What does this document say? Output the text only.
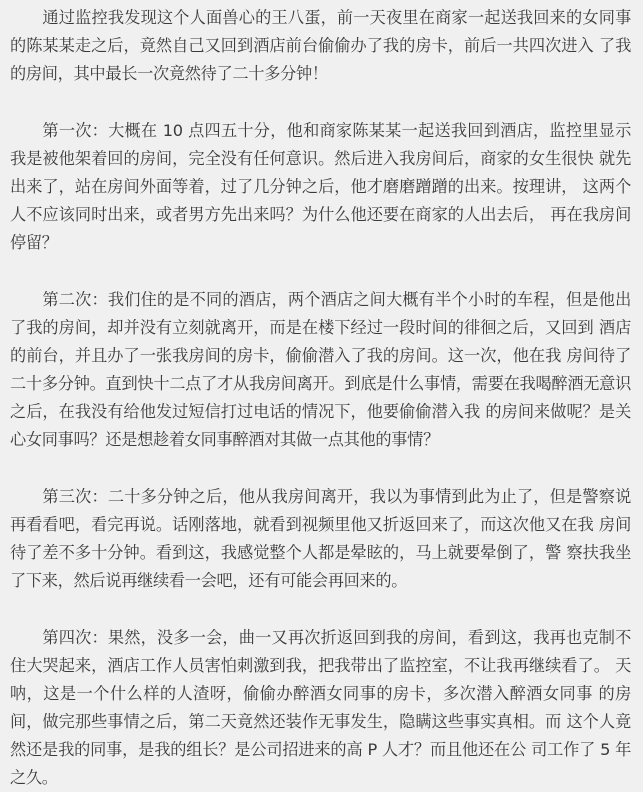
通过监控我发现这个人面兽心的王八蛋，前一天夜里在商家一起送我回来的女同事 的陈某某走之后，竟然自己又回到酒店前台偷偷办了我的房卡，前后一共四次进入 了我的房间，其中最长一次竟然待了二十多分钟！

第一次：大概在 10 点四五十分，他和商家陈某某一起送我回到酒店，监控里显示 我是被他架着回的房间，完全没有任何意识。然后进入我房间后，商家的女生很快 就先出来了，站在房间外面等着，过了几分钟之后，他才磨磨蹭蹭的出来。按理讲， 这两个人不应该同时出来，或者男方先出来吗？为什么他还要在商家的人出去后， 再在我房间停留？

第二次：我们住的是不同的酒店，两个酒店之间大概有半个小时的车程，但是他出 了我的房间，却并没有立刻就离开，而是在楼下经过一段时间的徘徊之后，又回到 酒店的前台，并且办了一张我房间的房卡，偷偷潜入了我的房间。这一次，他在我 房间待了二十多分钟。直到快十二点了才从我房间离开。到底是什么事情，需要在我喝醉酒无意识之后，在我没有给他发过短信打过电话的情况下，他要偷偷潜入我 的房间来做呢？是关心女同事吗？还是想趁着女同事醉酒对其做一点其他的事情？

第三次：二十多分钟之后，他从我房间离开，我以为事情到此为止了，但是警察说 再看看吧，看完再说。话刚落地，就看到视频里他又折返回来了，而这次他又在我 房间待了差不多十分钟。看到这，我感觉整个人都是晕眩的，马上就要晕倒了，警 察扶我坐了下来，然后说再继续看一会吧，还有可能会再回来的。

第四次：果然，没多一会，曲一又再次折返回到我的房间，看到这，我再也克制不 住大哭起来，酒店工作人员害怕刺激到我，把我带出了监控室，不让我再继续看了。 天呐，这是一个什么样的人渣呀，偷偷办醉酒女同事的房卡，多次潜入醉酒女同事 的房间，做完那些事情之后，第二天竟然还装作无事发生，隐瞒这些事实真相。而 这个人竟然还是我的同事，是我的组长？是公司招进来的高 P 人才？而且他还在公 司工作了 5 年之久。
